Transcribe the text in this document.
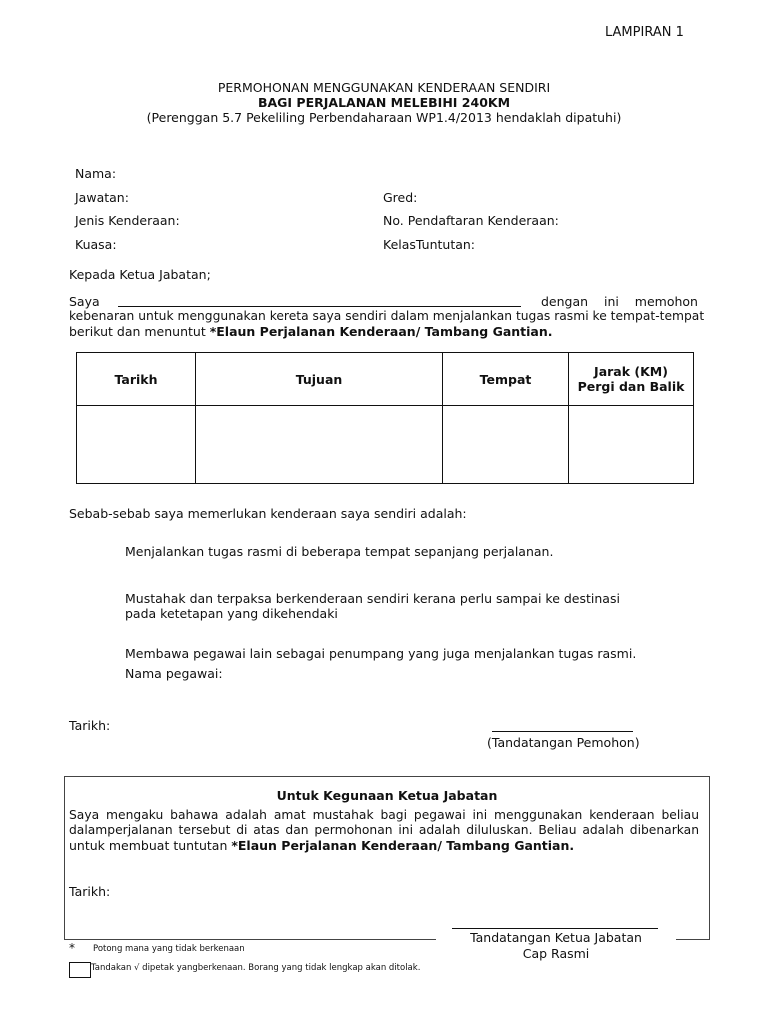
LAMPIRAN 1
PERMOHONAN MENGGUNAKAN KENDERAAN SENDIRI
BAGI PERJALANAN MELEBIHI 240KM
(Perenggan 5.7 Pekeliling Perbendaharaan WP1.4/2013 hendaklah dipatuhi)
Nama:
Jawatan:	Gred:
Jenis Kenderaan:	No. Pendaftaran Kenderaan:
Kuasa:	KelasTuntutan:
Kepada Ketua Jabatan;
Saya	dengan ini memohon
kebenaran untuk menggunakan kereta saya sendiri dalam menjalankan tugas rasmi ke tempat-tempat
berikut dan menuntut *Elaun Perjalanan Kenderaan/ Tambang Gantian.
Tarikh	Tujuan	Tempat	Jarak (KM)
Pergi dan Balik

Sebab-sebab saya memerlukan kenderaan saya sendiri adalah:
Menjalankan tugas rasmi di beberapa tempat sepanjang perjalanan.
Mustahak dan terpaksa berkenderaan sendiri kerana perlu sampai ke destinasi
pada ketetapan yang dikehendaki
Membawa pegawai lain sebagai penumpang yang juga menjalankan tugas rasmi.
Nama pegawai:
Tarikh:
(Tandatangan Pemohon)
Untuk Kegunaan Ketua Jabatan
Saya mengaku bahawa adalah amat mustahak bagi pegawai ini menggunakan kenderaan beliau
dalamperjalanan tersebut di atas dan permohonan ini adalah diluluskan. Beliau adalah dibenarkan
untuk membuat tuntutan *Elaun Perjalanan Kenderaan/ Tambang Gantian.
Tarikh:
Tandatangan Ketua Jabatan
Cap Rasmi
* Potong mana yang tidak berkenaan
Tandakan √ dipetak yangberkenaan. Borang yang tidak lengkap akan ditolak.
